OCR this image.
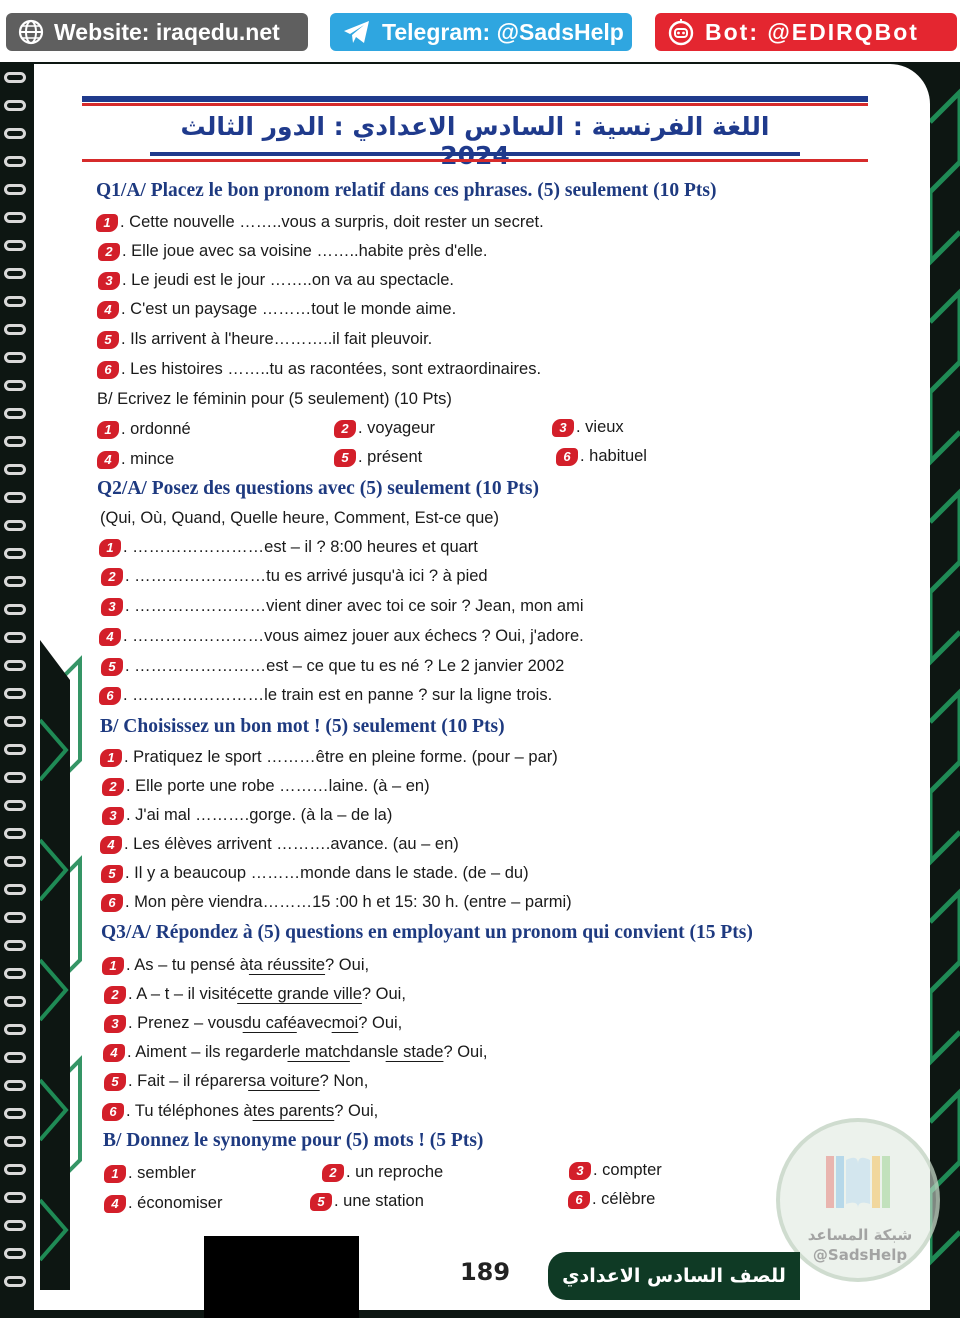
Website: iraqedu.net	Telegram: @SadsHelp	Bot: @EDIRQBot
اللغة الفرنسية : السادس الاعدادي : الدور الثالث
Q1/A/ Placez le bon pronom relatif dans ces phrases. (5) seulement (10 Pts)
1 . Cette nouvelle ……..vous a surpris, doit rester un secret.
2 . Elle joue avec sa voisine ……..habite près d'elle.
3 . Le jeudi est le jour ……..on va au spectacle.
4 . C'est un paysage ………tout le monde aime.
5 . Ils arrivent à l'heure………..il fait pleuvoir.
6 . Les histoires ……..tu as racontées, sont extraordinaires.
B/ Ecrivez le féminin pour (5 seulement) (10 Pts)
1 . ordonné	2 . voyageur	3 . vieux
4 . mince	5 . présent	6 . habituel
Q2/A/ Posez des questions avec (5) seulement (10 Pts)
(Qui, Où, Quand, Quelle heure, Comment, Est-ce que)
1 . ……………………est – il ? 8:00 heures et quart
2 . ……………………tu es arrivé jusqu'à ici ? à pied
3 . ……………………vient diner avec toi ce soir ? Jean, mon ami
4 . ……………………vous aimez jouer aux échecs ? Oui, j'adore.
5 . ……………………est – ce que tu es né ? Le 2 janvier 2002
6 . ……………………le train est en panne ? sur la ligne trois.
B/ Choisissez un bon mot ! (5) seulement (10 Pts)
1 . Pratiquez le sport ………être en pleine forme. (pour – par)
2 . Elle porte une robe ………laine. (à – en)
3 . J'ai mal ……….gorge. (à la – de la)
4 . Les élèves arrivent ……….avance. (au – en)
5 . Il y a beaucoup ………monde dans le stade. (de – du)
6 . Mon père viendra………15 :00 h et 15: 30 h. (entre – parmi)
Q3/A/ Répondez à (5) questions en employant un pronom qui convient (15 Pts)
1 . As – tu pensé à ta réussite ? Oui,
2 . A – t – il visité cette grande ville ? Oui,
3 . Prenez – vous du café avec moi ? Oui,
4 . Aiment – ils regarder le match dans le stade ? Oui,
5 . Fait – il réparer sa voiture ? Non,
6 . Tu téléphones à tes parents ? Oui,
B/ Donnez le synonyme pour (5) mots ! (5 Pts)
1 . sembler	2 . un reproche	3 . compter
4 . économiser	5 . une station	6 . célèbre
شبكة المساعد
@SadsHelp
189	للصف السادس الاعدادي
